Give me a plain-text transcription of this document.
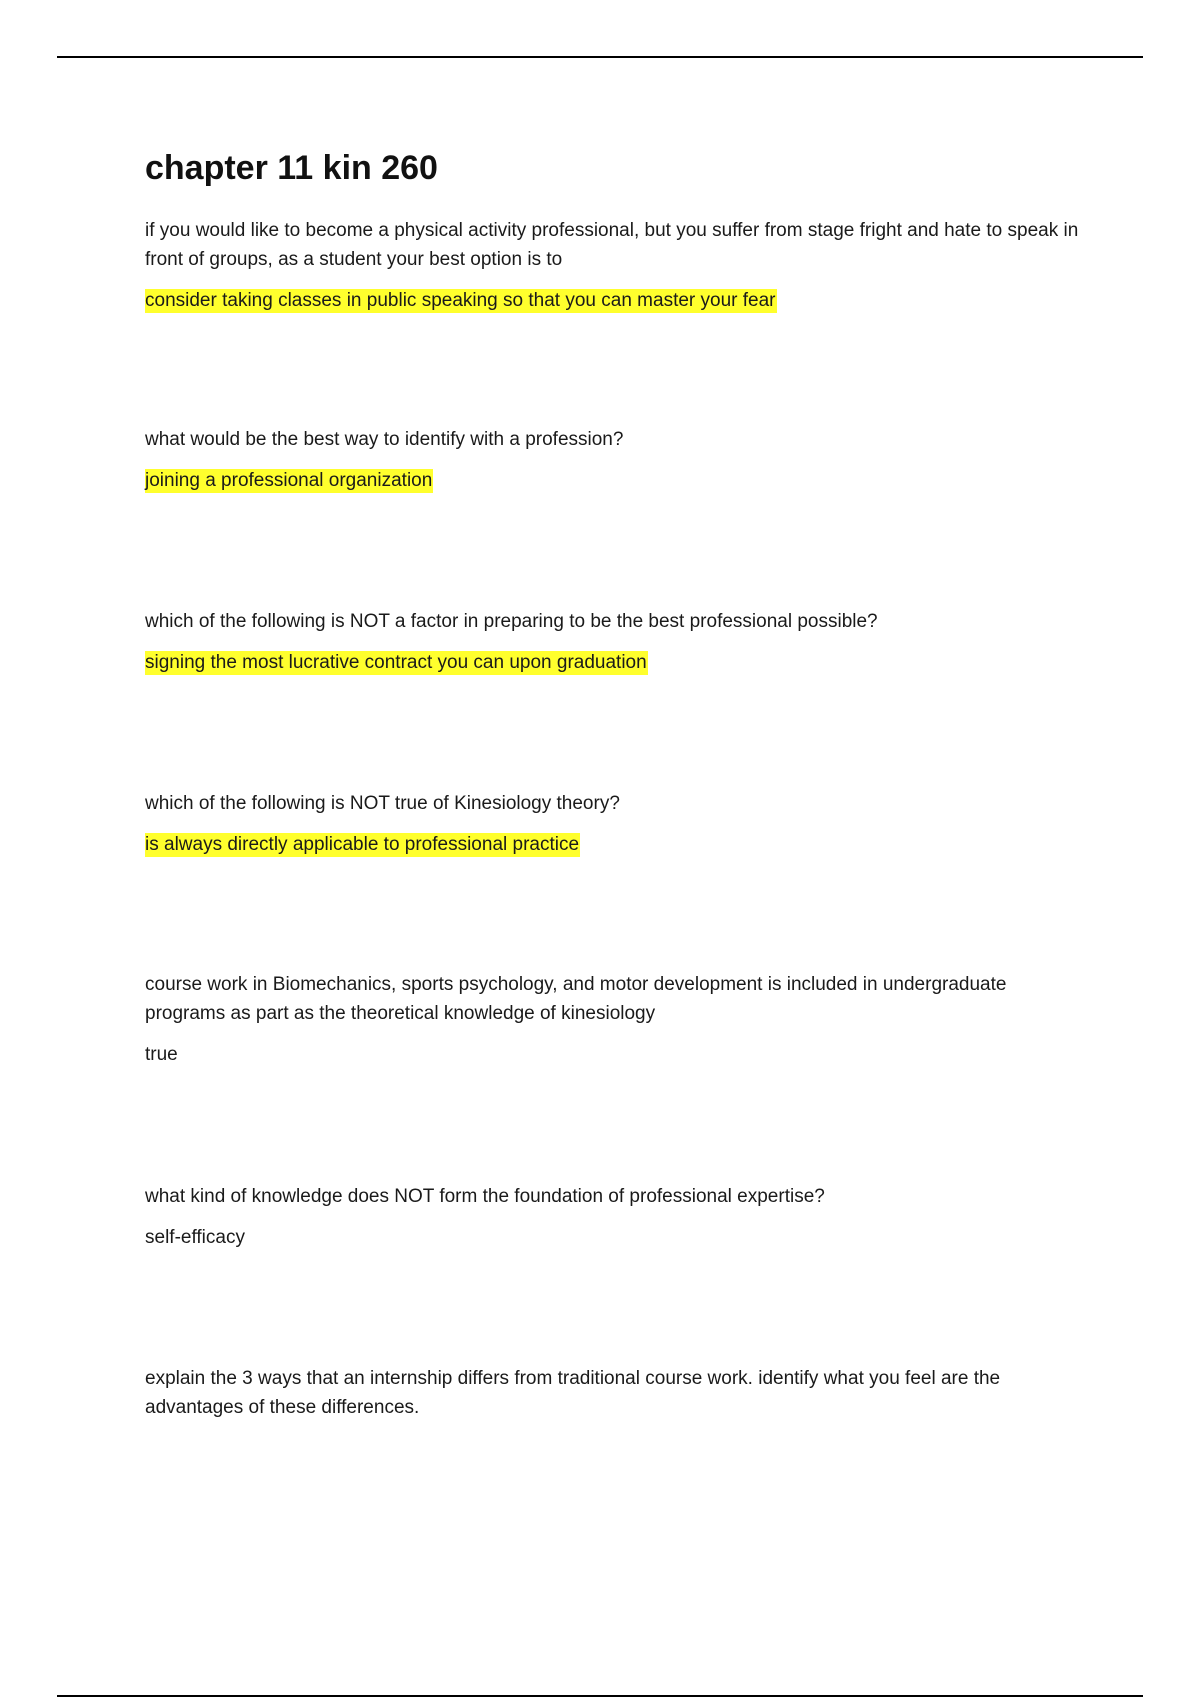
chapter 11 kin 260

if you would like to become a physical activity professional, but you suffer from stage fright and hate to speak in front of groups, as a student your best option is to

consider taking classes in public speaking so that you can master your fear

what would be the best way to identify with a profession?

joining a professional organization

which of the following is NOT a factor in preparing to be the best professional possible?

signing the most lucrative contract you can upon graduation

which of the following is NOT true of Kinesiology theory?

is always directly applicable to professional practice

course work in Biomechanics, sports psychology, and motor development is included in undergraduate programs as part as the theoretical knowledge of kinesiology

true

what kind of knowledge does NOT form the foundation of professional expertise?

self-efficacy

explain the 3 ways that an internship differs from traditional course work. identify what you feel are the advantages of these differences.
